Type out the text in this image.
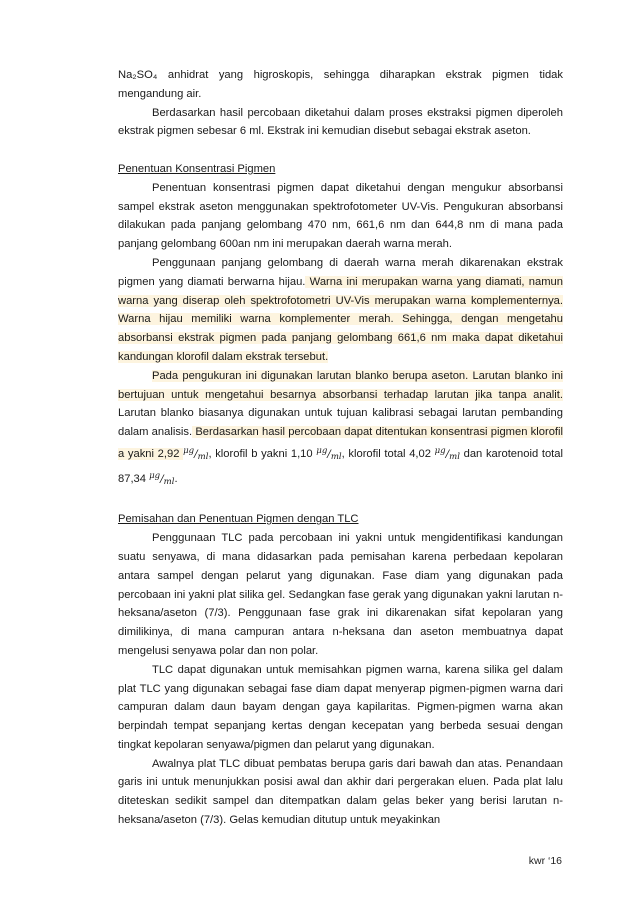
Na₂SO₄ anhidrat yang higroskopis, sehingga diharapkan ekstrak pigmen tidak mengandung air.

Berdasarkan hasil percobaan diketahui dalam proses ekstraksi pigmen diperoleh ekstrak pigmen sebesar 6 ml. Ekstrak ini kemudian disebut sebagai ekstrak aseton.

Penentuan Konsentrasi Pigmen

Penentuan konsentrasi pigmen dapat diketahui dengan mengukur absorbansi sampel ekstrak aseton menggunakan spektrofotometer UV-Vis. Pengukuran absorbansi dilakukan pada panjang gelombang 470 nm, 661,6 nm dan 644,8 nm di mana pada panjang gelombang 600an nm ini merupakan daerah warna merah.

Penggunaan panjang gelombang di daerah warna merah dikarenakan ekstrak pigmen yang diamati berwarna hijau. Warna ini merupakan warna yang diamati, namun warna yang diserap oleh spektrofotometri UV-Vis merupakan warna komplementernya. Warna hijau memiliki warna komplementer merah. Sehingga, dengan mengetahu absorbansi ekstrak pigmen pada panjang gelombang 661,6 nm maka dapat diketahui kandungan klorofil dalam ekstrak tersebut.

Pada pengukuran ini digunakan larutan blanko berupa aseton. Larutan blanko ini bertujuan untuk mengetahui besarnya absorbansi terhadap larutan jika tanpa analit. Larutan blanko biasanya digunakan untuk tujuan kalibrasi sebagai larutan pembanding dalam analisis. Berdasarkan hasil percobaan dapat ditentukan konsentrasi pigmen klorofil a yakni 2,92 $^{\mu g}/_{ml}$, klorofil b yakni 1,10 $^{\mu g}/_{ml}$, klorofil total 4,02 $^{\mu g}/_{ml}$ dan karotenoid total 87,34 $^{\mu g}/_{ml}$.

Pemisahan dan Penentuan Pigmen dengan TLC

Penggunaan TLC pada percobaan ini yakni untuk mengidentifikasi kandungan suatu senyawa, di mana didasarkan pada pemisahan karena perbedaan kepolaran antara sampel dengan pelarut yang digunakan. Fase diam yang digunakan pada percobaan ini yakni plat silika gel. Sedangkan fase gerak yang digunakan yakni larutan n-heksana/aseton (7/3). Penggunaan fase grak ini dikarenakan sifat kepolaran yang dimilikinya, di mana campuran antara n-heksana dan aseton membuatnya dapat mengelusi senyawa polar dan non polar.

TLC dapat digunakan untuk memisahkan pigmen warna, karena silika gel dalam plat TLC yang digunakan sebagai fase diam dapat menyerap pigmen-pigmen warna dari campuran dalam daun bayam dengan gaya kapilaritas. Pigmen-pigmen warna akan berpindah tempat sepanjang kertas dengan kecepatan yang berbeda sesuai dengan tingkat kepolaran senyawa/pigmen dan pelarut yang digunakan.

Awalnya plat TLC dibuat pembatas berupa garis dari bawah dan atas. Penandaan garis ini untuk menunjukkan posisi awal dan akhir dari pergerakan eluen. Pada plat lalu diteteskan sedikit sampel dan ditempatkan dalam gelas beker yang berisi larutan n-heksana/aseton (7/3). Gelas kemudian ditutup untuk meyakinkan

kwr ‘16
